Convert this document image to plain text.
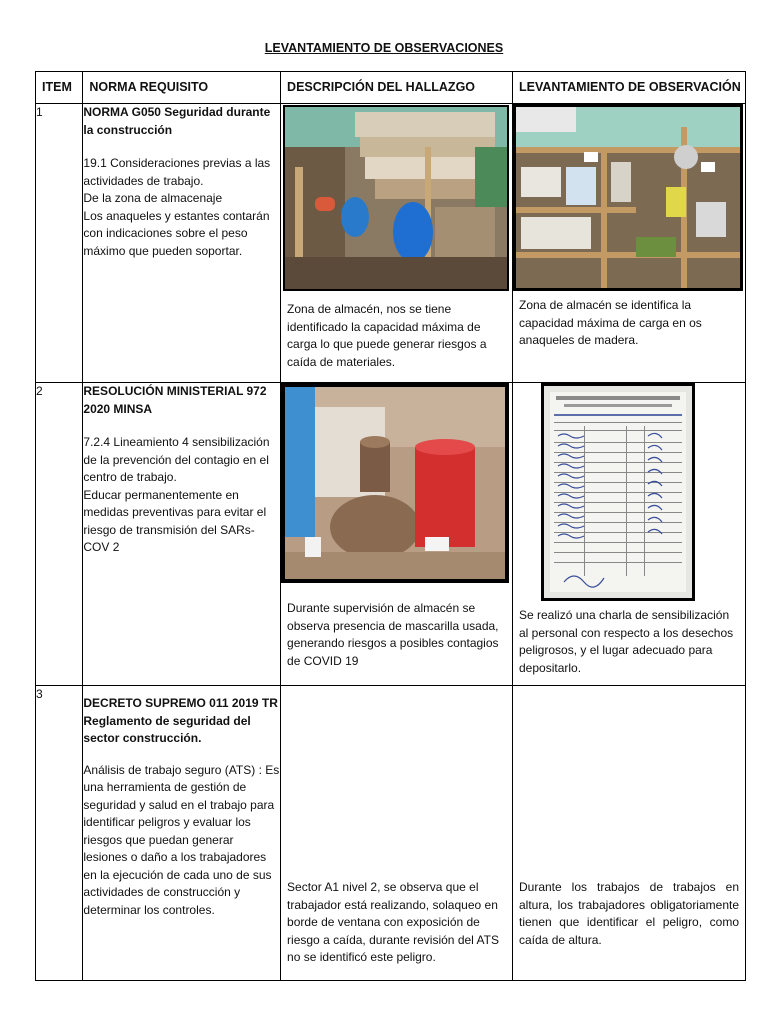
LEVANTAMIENTO DE OBSERVACIONES
ITEM	NORMA REQUISITO	DESCRIPCIÓN DEL HALLAZGO	LEVANTAMIENTO DE OBSERVACIÓN
1	NORMA G050 Seguridad durante la construcción
19.1 Consideraciones previas a las actividades de trabajo.
De la zona de almacenaje
Los anaqueles y estantes contarán con indicaciones sobre el peso máximo que pueden soportar.	Zona de almacén, nos se tiene identificado la capacidad máxima de carga lo que puede generar riesgos a caída de materiales.	Zona de almacén se identifica la capacidad máxima de carga en os anaqueles de madera.

2	RESOLUCIÓN MINISTERIAL 972 2020 MINSA
7.2.4 Lineamiento 4 sensibilización de la prevención del contagio en el centro de trabajo.
Educar permanentemente en medidas preventivas para evitar el riesgo de transmisión del SARs- COV 2	Durante supervisión de almacén se observa presencia de mascarilla usada, generando riesgos a posibles contagios de COVID 19	Se realizó una charla de sensibilización al personal con respecto a los desechos peligrosos, y el lugar adecuado para depositarlo.

3	DECRETO SUPREMO 011 2019 TR Reglamento de seguridad del sector construcción.
Análisis de trabajo seguro (ATS) : Es una herramienta de gestión de seguridad y salud en el trabajo para identificar peligros y evaluar los riesgos que puedan generar lesiones o daño a los trabajadores en la ejecución de cada uno de sus actividades de construcción y determinar los controles.	Sector A1 nivel 2, se observa que el trabajador está realizando, solaqueo en borde de ventana con exposición de riesgo a caída, durante revisión del ATS no se identificó este peligro.	Durante los trabajos de trabajos en altura, los trabajadores obligatoriamente tienen que identificar el peligro, como caída de altura.
